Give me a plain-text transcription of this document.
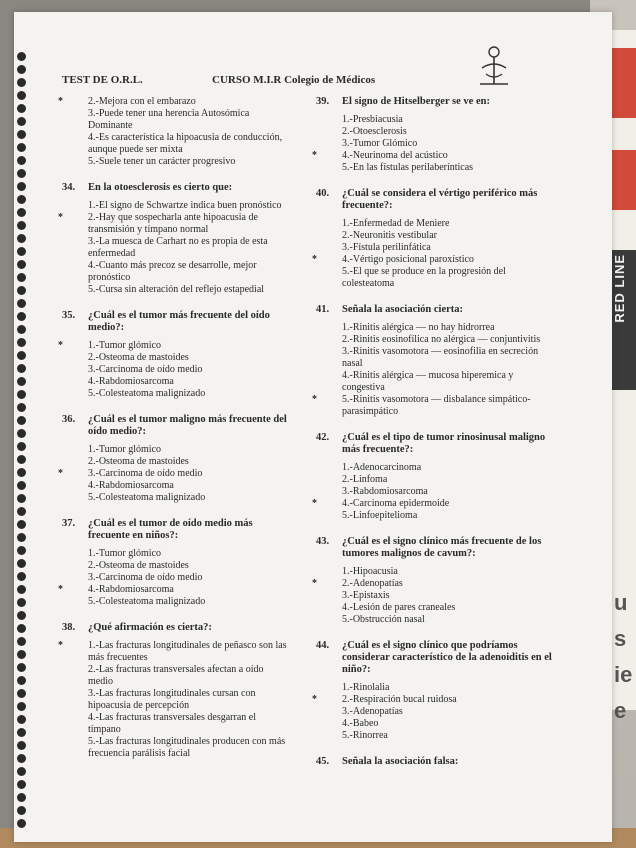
RED LINE
u
s
ie
e
TEST DE O.R.L.	CURSO M.I.R Colegio de Médicos
*	2.-Mejora con el embarazo
3.-Puede tener una herencia Autosómica Dominante
4.-Es característica la hipoacusia de conducción, aunque puede ser mixta
5.-Suele tener un carácter progresivo
34.	En la otoesclerosis es cierto que:
1.-El signo de Schwartze indica buen pronóstico
*	2.-Hay que sospecharla ante hipoacusia de transmisión y tímpano normal
3.-La muesca de Carhart no es propia de esta enfermedad
4.-Cuanto más precoz se desarrolle, mejor pronóstico
5.-Cursa sin alteración del reflejo estapedial
35.	¿Cuál es el tumor más frecuente del oído medio?:
*	1.-Tumor glómico
2.-Osteoma de mastoides
3.-Carcinoma de oído medio
4.-Rabdomiosarcoma
5.-Colesteatoma malignizado
36.	¿Cuál es el tumor maligno más frecuente del oído medio?:
1.-Tumor glómico
2.-Osteoma de mastoides
*	3.-Carcinoma de oído medio
4.-Rabdomiosarcoma
5.-Colesteatoma malignizado
37.	¿Cuál es el tumor de oído medio más frecuente en niños?:
1.-Tumor glómico
2.-Osteoma de mastoides
3.-Carcinoma de oído medio
*	4.-Rabdomiosarcoma
5.-Colesteatoma malignizado
38.	¿Qué afirmación es cierta?:
*	1.-Las fracturas longitudinales de peñasco son las más frecuentes
2.-Las fracturas transversales afectan a oído medio
3.-Las fracturas longitudinales cursan con hipoacusia de percepción
4.-Las fracturas transversales desgarran el tímpano
5.-Las fracturas longitudinales producen con más frecuencia parálisis facial
39.	El signo de Hitselberger se ve en:
1.-Presbiacusia
2.-Otoesclerosis
3.-Tumor Glómico
*	4.-Neurinoma del acústico
5.-En las fístulas perilaberínticas
40.	¿Cuál se considera el vértigo periférico más frecuente?:
1.-Enfermedad de Meniere
2.-Neuronitis vestibular
3.-Fístula perilinfática
*	4.-Vértigo posicional paroxístico
5.-El que se produce en la progresión del colesteatoma
41.	Señala la asociación cierta:
1.-Rinitis alérgica — no hay hidrorrea
2.-Rinitis eosinofílica no alérgica — conjuntivitis
3.-Rinitis vasomotora — eosinofilia en secreción nasal
4.-Rinitis alérgica — mucosa hiperemica y congestiva
*	5.-Rinitis vasomotora — disbalance simpático-parasimpático
42.	¿Cuál es el tipo de tumor rinosinusal maligno más frecuente?:
1.-Adenocarcinoma
2.-Linfoma
3.-Rabdomiosarcoma
*	4.-Carcinoma epidermoide
5.-Linfoepitelioma
43.	¿Cuál es el signo clínico más frecuente de los tumores malignos de cavum?:
1.-Hipoacusia
*	2.-Adenopatías
3.-Epistaxis
4.-Lesión de pares craneales
5.-Obstrucción nasal
44.	¿Cuál es el signo clínico que podríamos considerar característico de la adenoiditis en el niño?:
1.-Rinolalia
*	2.-Respiración bucal ruidosa
3.-Adenopatías
4.-Babeo
5.-Rinorrea
45.	Señala la asociación falsa:
